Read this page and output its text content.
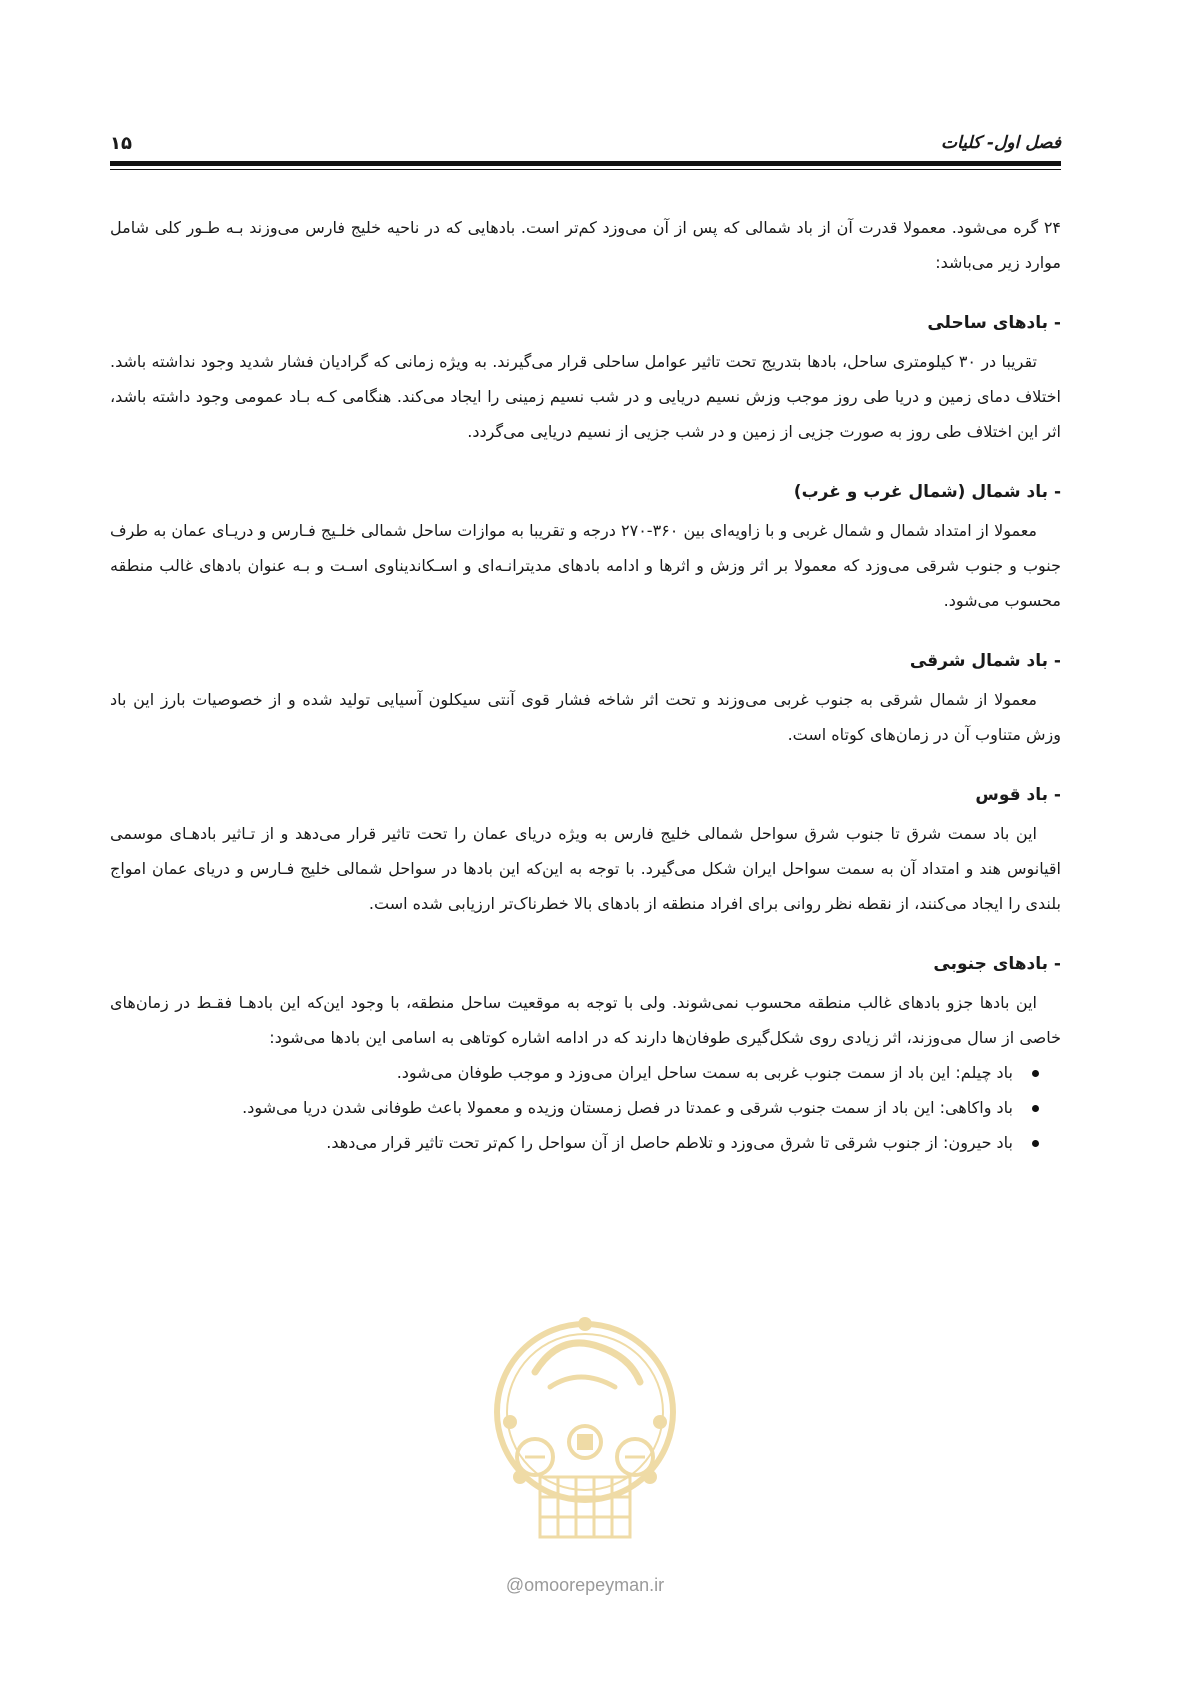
فصل اول- کلیات
۱۵

۲۴ گره می‌شود. معمولا قدرت آن از باد شمالی که پس از آن می‌وزد کم‌تر است. بادهایی که در ناحیه خلیج فارس می‌وزند بـه طـور کلی شامل موارد زیر می‌باشد:

- بادهای ساحلی

تقریبا در ۳۰ کیلومتری ساحل، بادها بتدریج تحت تاثیر عوامل ساحلی قرار می‌گیرند. به ویژه زمانی که گرادیان فشار شدید وجود نداشته باشد. اختلاف دمای زمین و دریا طی روز موجب وزش نسیم دریایی و در شب نسیم زمینی را ایجاد می‌کند. هنگامی کـه بـاد عمومی وجود داشته باشد، اثر این اختلاف طی روز به صورت جزیی از زمین و در شب جزیی از نسیم دریایی می‌گردد.

- باد شمال (شمال غرب و غرب)

معمولا از امتداد شمال و شمال غربی و با زاویه‌ای بین ۳۶۰-۲۷۰ درجه و تقریبا به موازات ساحل شمالی خلـیج فـارس و دریـای عمان به طرف جنوب و جنوب شرقی می‌وزد که معمولا بر اثر وزش و اثرها و ادامه بادهای مدیترانـه‌ای و اسـکاندیناوی اسـت و بـه عنوان بادهای غالب منطقه محسوب می‌شود.

- باد شمال شرقی

معمولا از شمال شرقی به جنوب غربی می‌وزند و تحت اثر شاخه فشار قوی آنتی سیکلون آسیایی تولید شده و از خصوصیات بارز این باد وزش متناوب آن در زمان‌های کوتاه است.

- باد قوس

این باد سمت شرق تا جنوب شرق سواحل شمالی خلیج فارس به ویژه دریای عمان را تحت تاثیر قرار می‌دهد و از تـاثیر بادهـای موسمی اقیانوس هند و امتداد آن به سمت سواحل ایران شکل می‌گیرد. با توجه به این‌که این بادها در سواحل شمالی خلیج فـارس و دریای عمان امواج بلندی را ایجاد می‌کنند، از نقطه نظر روانی برای افراد منطقه از بادهای بالا خطرناک‌تر ارزیابی شده است.

- بادهای جنوبی

این بادها جزو بادهای غالب منطقه محسوب نمی‌شوند. ولی با توجه به موقعیت ساحل منطقه، با وجود این‌که این بادهـا فقـط در زمان‌های خاصی از سال می‌وزند، اثر زیادی روی شکل‌گیری طوفان‌ها دارند که در ادامه اشاره کوتاهی به اسامی این بادها می‌شود:

باد چیلم: این باد از سمت جنوب غربی به سمت ساحل ایران می‌وزد و موجب طوفان می‌شود.
باد واکاهی: این باد از سمت جنوب شرقی و عمدتا در فصل زمستان وزیده و معمولا باعث طوفانی شدن دریا می‌شود.
باد حیرون: از جنوب شرقی تا شرق می‌وزد و تلاطم حاصل از آن سواحل را کم‌تر تحت تاثیر قرار می‌دهد.
@omoorepeyman.ir
